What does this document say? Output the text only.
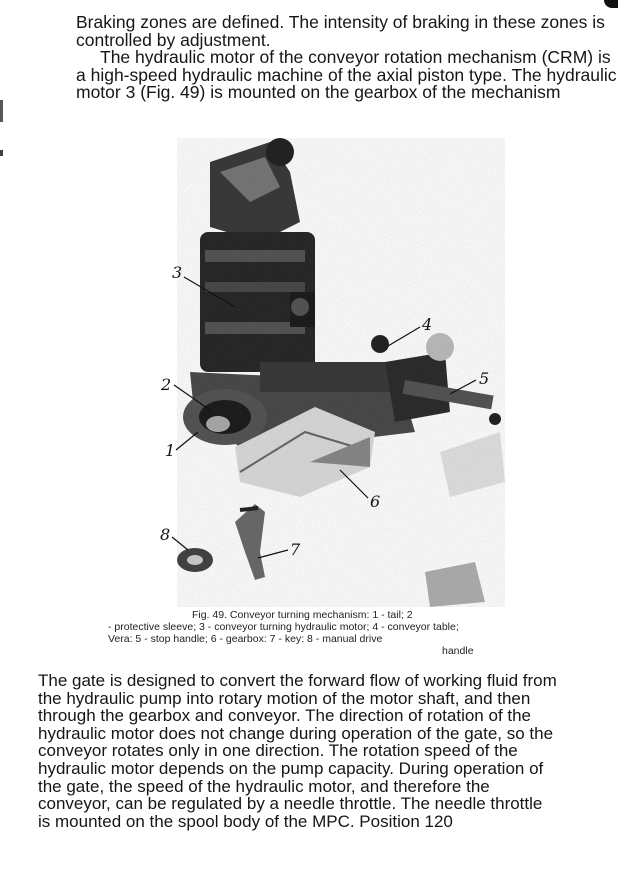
Braking zones are defined. The intensity of braking in these zones is
controlled by adjustment.
The hydraulic motor of the conveyor rotation mechanism (CRM) is
a high-speed hydraulic machine of the axial piston type. The hydraulic
motor 3 (Fig. 49) is mounted on the gearbox of the mechanism
3
4
5
2
1
6
8
7
Fig. 49. Conveyor turning mechanism: 1 - tail; 2
- protective sleeve; 3 - conveyor turning hydraulic motor; 4 - conveyor table;
Vera: 5 - stop handle; 6 - gearbox: 7 - key: 8 - manual drive
handle
The gate is designed to convert the forward flow of working fluid from
the hydraulic pump into rotary motion of the motor shaft, and then
through the gearbox and conveyor. The direction of rotation of the
hydraulic motor does not change during operation of the gate, so the
conveyor rotates only in one direction. The rotation speed of the
hydraulic motor depends on the pump capacity. During operation of
the gate, the speed of the hydraulic motor, and therefore the
conveyor, can be regulated by a needle throttle. The needle throttle
is mounted on the spool body of the MPC. Position 120
